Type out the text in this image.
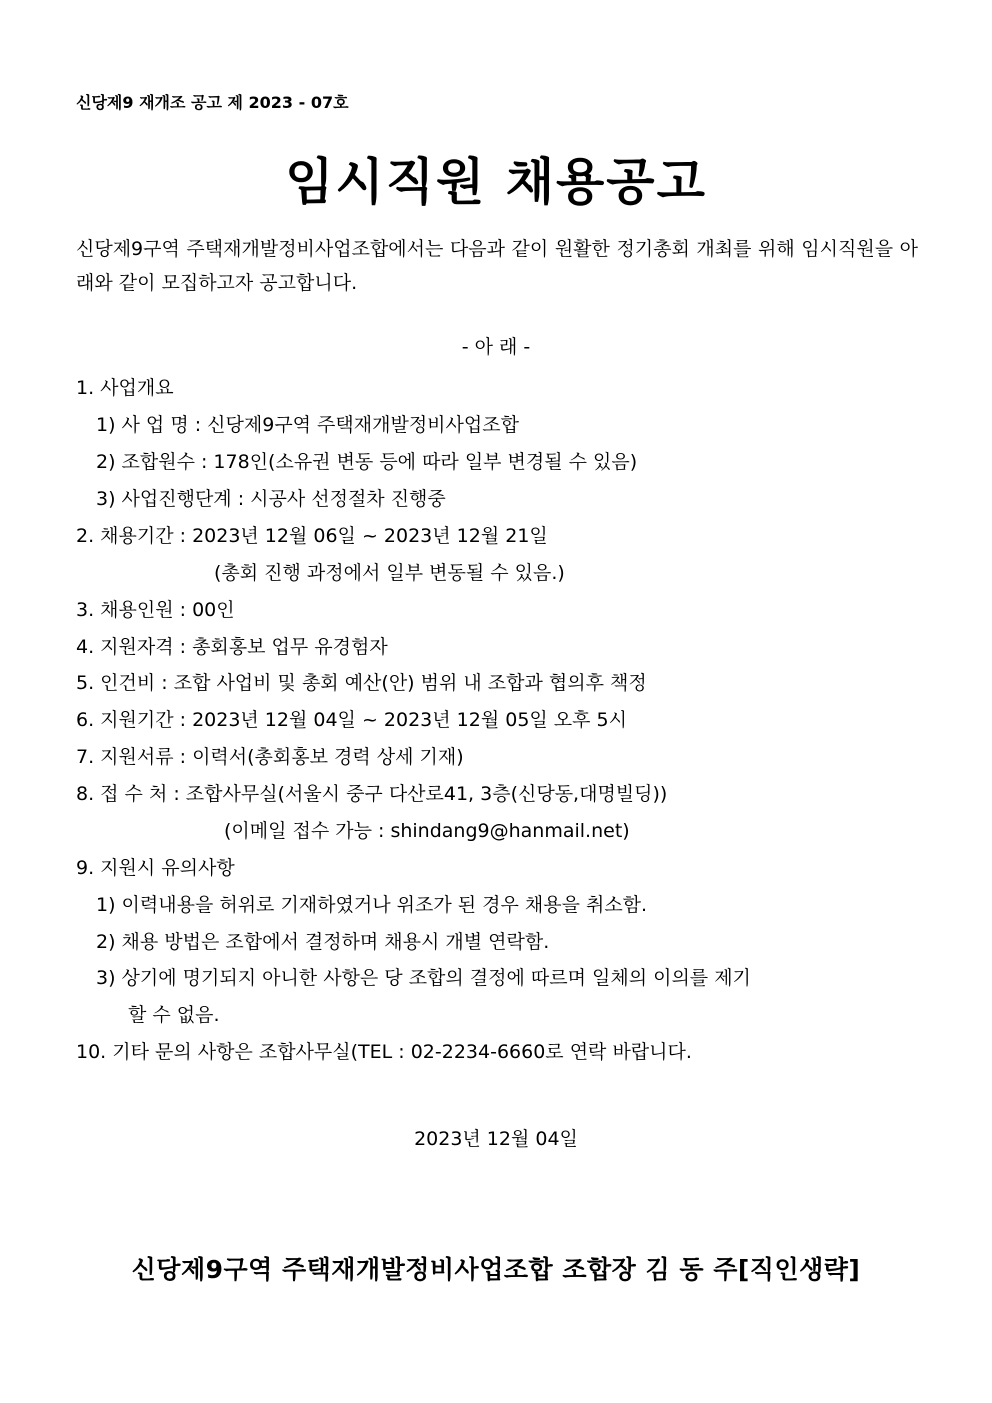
신당제9 재개조 공고 제 2023 - 07호
임시직원 채용공고
신당제9구역 주택재개발정비사업조합에서는 다음과 같이 원활한 정기총회 개최를 위해 임시직원을 아래와 같이 모집하고자 공고합니다.
- 아 래 -
1. 사업개요
1) 사 업 명 : 신당제9구역 주택재개발정비사업조합
2) 조합원수 : 178인(소유권 변동 등에 따라 일부 변경될 수 있음)
3) 사업진행단계 : 시공사 선정절차 진행중
2. 채용기간 : 2023년 12월 06일 ~ 2023년 12월 21일
(총회 진행 과정에서 일부 변동될 수 있음.)
3. 채용인원 : 00인
4. 지원자격 : 총회홍보 업무 유경험자
5. 인건비 : 조합 사업비 및 총회 예산(안) 범위 내 조합과 협의후 책정
6. 지원기간 : 2023년 12월 04일 ~ 2023년 12월 05일 오후 5시
7. 지원서류 : 이력서(총회홍보 경력 상세 기재)
8. 접 수 처 : 조합사무실(서울시 중구 다산로41, 3층(신당동,대명빌딩))
(이메일 접수 가능 : shindang9@hanmail.net)
9. 지원시 유의사항
1) 이력내용을 허위로 기재하였거나 위조가 된 경우 채용을 취소함.
2) 채용 방법은 조합에서 결정하며 채용시 개별 연락함.
3) 상기에 명기되지 아니한 사항은 당 조합의 결정에 따르며 일체의 이의를 제기
할 수 없음.
10. 기타 문의 사항은 조합사무실(TEL : 02-2234-6660로 연락 바랍니다.
2023년 12월 04일
신당제9구역 주택재개발정비사업조합 조합장 김 동 주[직인생략]
